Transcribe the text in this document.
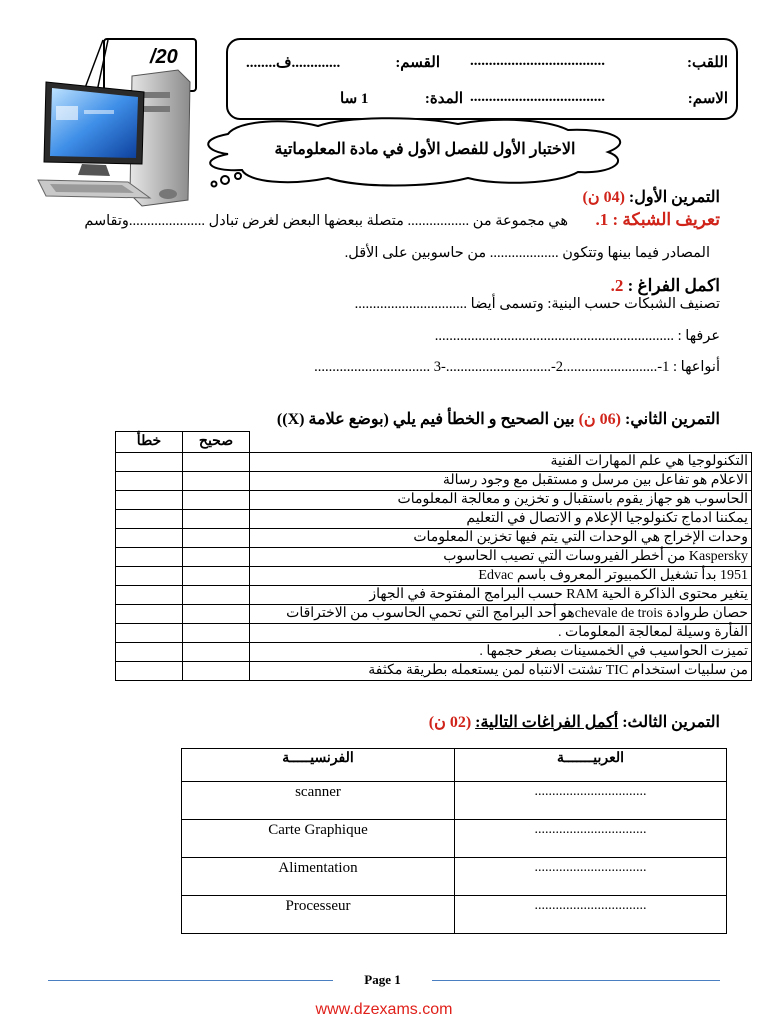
/20	اللقب:
....................................
القسم:
.............ف........
الاسم:
....................................
المدة:
1 سا
الاختبار الأول للفصل الأول في مادة المعلوماتية
التمرين الأول: (04 ن)
تعريف الشبكة : 1.
هي مجموعة من ................. متصلة ببعضها البعض لغرض تبادل .....................وتقاسم
المصادر فيما بينها وتتكون ................... من حاسوبين على الأقل.
اكمل الفراغ : 2.
تصنيف الشبكات حسب البنية: وتسمى أيضا ...............................
عرفها : ..................................................................
أنواعها : 1-..........................2-.............................-3 ................................
التمرين الثاني: (06 ن) بين الصحيح و الخطأ فيم يلي (بوضع علامة (X))
خطأ	صحيح	
		التكنولوجيا هي علم المهارات الفنية
		الاعلام هو تفاعل بين مرسل و مستقبل مع وجود رسالة
		الحاسوب هو جهاز يقوم باستقبال و تخزين و معالجة المعلومات
		يمكننا ادماج تكنولوجيا الإعلام و الاتصال في التعليم
		وحدات الإخراج هي الوحدات التي يتم فيها تخزين المعلومات
		Kaspersky من أخطر الفيروسات التي تصيب الحاسوب
		1951 بدأ تشغيل الكمبيوتر المعروف باسم Edvac
		يتغير محتوى الذاكرة الحية RAM حسب البرامج المفتوحة في الجهاز
		حصان طروادة chevale de troisهو أحد البرامج التي تحمي الحاسوب من الاختراقات
		الفأرة وسيلة لمعالجة المعلومات .
		تميزت الحواسيب في الخمسينات بصغر حجمها .
		من سلبيات استخدام TIC تشتت الانتباه لمن يستعمله بطريقة مكثفة
التمرين الثالث: أكمل الفراغات التالية: (02 ن)
الفرنسيـــــة	العربيـــــــة
scanner	................................
Carte Graphique	................................
Alimentation	................................
Processeur	................................
Page 1
www.dzexams.com
